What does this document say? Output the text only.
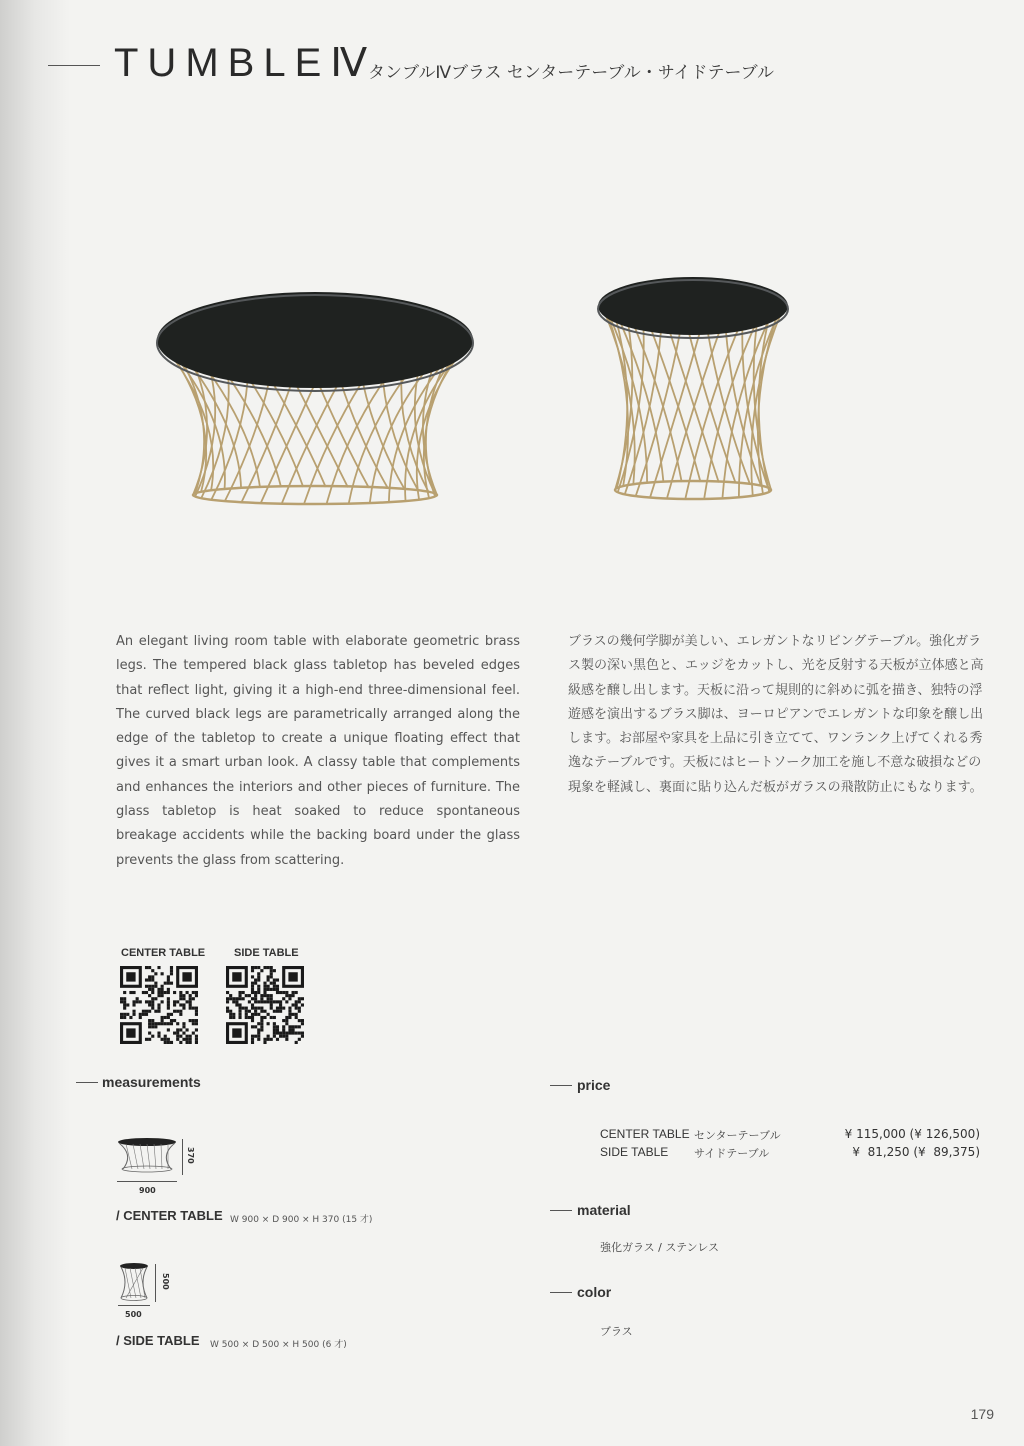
TUMBLEⅣ
タンブルⅣブラス センターテーブル・サイドテーブル
An elegant living room table with elaborate geometric brass legs. The tempered black glass tabletop has beveled edges that reflect light, giving it a high-end three-dimensional feel. The curved black legs are parametrically arranged along the edge of the tabletop to create a unique floating effect that gives it a smart urban look. A classy table that complements and enhances the interiors and other pieces of furniture. The glass tabletop is heat soaked to reduce spontaneous breakage accidents while the backing board under the glass prevents the glass from scattering.
ブラスの幾何学脚が美しい、エレガントなリビングテーブル。強化ガラス製の深い黒色と、エッジをカットし、光を反射する天板が立体感と高級感を醸し出します。天板に沿って規則的に斜めに弧を描き、独特の浮遊感を演出するブラス脚は、ヨーロピアンでエレガントな印象を醸し出します。お部屋や家具を上品に引き立てて、ワンランク上げてくれる秀逸なテーブルです。天板にはヒートソーク加工を施し不意な破損などの現象を軽減し、裏面に貼り込んだ板がガラスの飛散防止にもなります。
CENTER TABLE	SIDE TABLE
measurements
370
900
/ CENTER TABLE W 900 × D 900 × H 370 (15 才)
500
500
/ SIDE TABLE W 500 × D 500 × H 500 (6 才)
price
CENTER TABLE センターテーブル	¥ 115,000 (¥ 126,500)
SIDE TABLE サイドテーブル	¥  81,250 (¥  89,375)
material
強化ガラス / ステンレス
color
ブラス
179
